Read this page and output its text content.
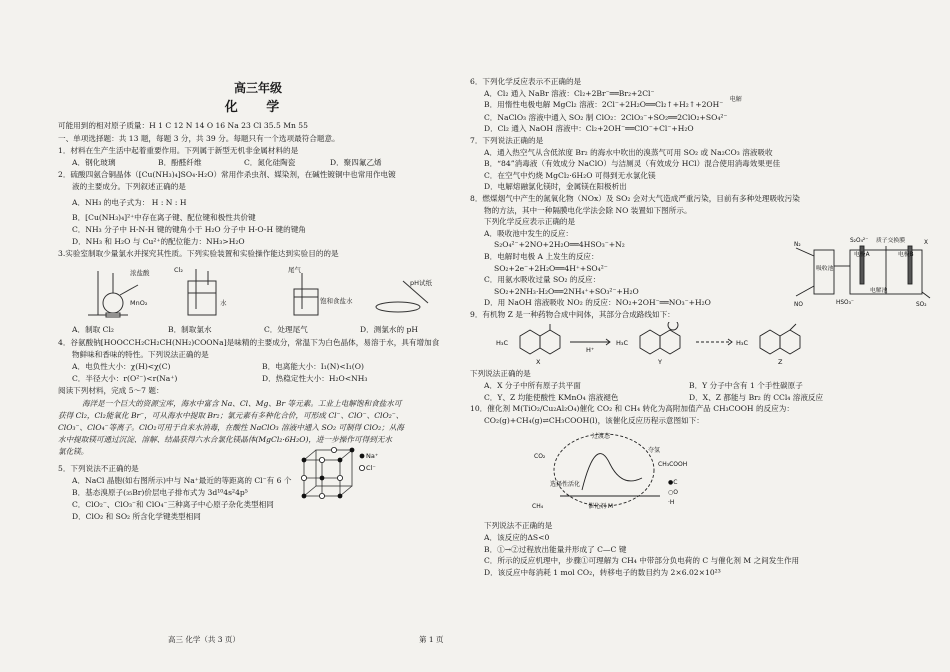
高三年级
化 学
可能用到的相对原子质量：H 1 C 12 N 14 O 16 Na 23 Cl 35.5 Mn 55
一、单项选择题：共 13 题，每题 3 分，共 39 分。每题只有一个选项最符合题意。
1．材料在生产生活中起着重要作用。下列属于新型无机非金属材料的是
A．钢化玻璃	B．酚醛纤维	C．氮化硅陶瓷	D．聚四氟乙烯
2．硫酸四氨合铜晶体（[Cu(NH₃)₄]SO₄·H₂O）常用作杀虫剂、媒染剂，在碱性镀铜中也常用作电镀
液的主要成分。下列叙述正确的是
A．NH₃ 的电子式为： H : N : H
B．[Cu(NH₃)₄]²⁺中存在离子键、配位键和极性共价键
C．NH₃ 分子中 H-N-H 键的键角小于 H₂O 分子中 H-O-H 键的键角
D．NH₃ 和 H₂O 与 Cu²⁺的配位能力：NH₃>H₂O
3.实验室制取少量氯水并探究其性质。下列实验装置和实验操作能达到实验目的的是
浓盐酸
MnO₂
Cl₂
水
尾气
饱和食盐水
pH试纸
A．制取 Cl₂	B．制取氯水	C．处理尾气	D．测氯水的 pH
4．谷氨酸钠[HOOCCH₂CH₂CH(NH₂)COONa]是味精的主要成分，常温下为白色晶体，易溶于水，具有增加食
物鲜味和香味的特性。下列说法正确的是
A．电负性大小：χ(H)<χ(C)	B．电离能大小：I₁(N)<I₁(O)
C．半径大小：r(O²⁻)<r(Na⁺)	D．热稳定性大小：H₂O<NH₃
阅读下列材料，完成 5～7 题：
海洋是一个巨大的资源宝库，海水中富含 Na、Cl、Mg、Br 等元素。工业上电解饱和食盐水可
获得 Cl₂，Cl₂能氧化 Br⁻，可从海水中提取 Br₂；氯元素有多种化合价，可形成 Cl⁻、ClO⁻、ClO₂⁻、
ClO₃⁻、ClO₄⁻等离子。ClO₂可用于自来水消毒，在酸性 NaClO₃ 溶液中通入 SO₂ 可制得 ClO₂；从海
水中提取镁可通过沉淀、溶解、结晶获得六水合氯化镁晶体(MgCl₂·6H₂O)，进一步操作可得到无水
氯化镁。
5．下列说法不正确的是
A．NaCl 晶胞(如右图所示)中与 Na⁺最近的等距离的 Cl⁻有 6 个
B．基态溴原子(₃₅Br)价层电子排布式为 3d¹⁰4s²4p⁵
C．ClO₂⁻、ClO₃⁻和 ClO₄⁻三种离子中心原子杂化类型相同
D．ClO₂ 和 SO₂ 所含化学键类型相同
Na⁺
Cl⁻
高三 化学（共 3 页）	第 1 页
6．下列化学反应表示不正确的是
A．Cl₂ 通入 NaBr 溶液：Cl₂+2Br⁻══Br₂+2Cl⁻
B．用惰性电极电解 MgCl₂ 溶液：2Cl⁻+2H₂O══Cl₂↑+H₂↑+2OH⁻ $^{电解}$
C．NaClO₃ 溶液中通入 SO₂ 制 ClO₂：2ClO₃⁻+SO₂══2ClO₂+SO₄²⁻
D．Cl₂ 通入 NaOH 溶液中：Cl₂+2OH⁻══ClO⁻+Cl⁻+H₂O
7．下列说法正确的是
A．通入热空气从含低浓度 Br₂ 的海水中吹出的溴蒸气可用 SO₂ 或 Na₂CO₃ 溶液吸收
B．“84”消毒液（有效成分 NaClO）与洁厕灵（有效成分 HCl）混合使用消毒效果更佳
C．在空气中灼烧 MgCl₂·6H₂O 可得到无水氯化镁
D．电解熔融氯化镁时，金属镁在阳极析出
8．燃煤烟气中产生的氮氧化物（NOx）及 SO₂ 会对大气造成严重污染，目前有多种处理吸收污染
物的方法，其中一种隔膜电化学法会除 NO 装置如下图所示。
下列化学反应表示正确的是
A．吸收池中发生的反应：
S₂O₄²⁻+2NO+2H₂O══4HSO₃⁻+N₂
B．电解时电极 A 上发生的反应：
SO₂+2e⁻+2H₂O══4H⁺+SO₄²⁻
C．用氨水吸收过量 SO₂ 的反应：
SO₂+2NH₃·H₂O══2NH₄⁺+SO₃²⁻+H₂O
D．用 NaOH 溶液吸收 NO₂ 的反应：NO₂+2OH⁻══NO₃⁻+H₂O
9．有机物 Z 是一种药物合成中间体，其部分合成路线如下：
H₃C	H₃C	H₃C
H⁺
X	Y	Z
下列说法正确的是
A．X 分子中所有原子共平面	B．Y 分子中含有 1 个手性碳原子
C．Y、Z 均能使酸性 KMnO₄ 溶液褪色	D．X、Z 都能与 Br₂ 的 CCl₄ 溶液反应
10．催化剂 M(TiO₂/Cu₂Al₂O₄)催化 CO₂ 和 CH₄ 转化为高附加值产品 CH₃COOH 的反应为：
CO₂(g)+CH₄(g)⇌CH₃COOH(l)，该催化反应历程示意图如下：
下列说法不正确的是
A．该反应的ΔS<0
B．①→②过程放出能量并形成了 C—C 键
C．所示的反应机理中，步骤①可理解为 CH₄ 中带部分负电荷的 C 与催化剂 M 之间发生作用
D．该反应中每消耗 1 mol CO₂，转移电子的数目约为 2×6.02×10²³
S₂O₄²⁻ 质子交换膜
电极A	电极B
吸收池
N₂
NO	HSO₃⁻
电解池
SO₂
X
过渡态
选择性活化
催化剂 M
CO₂
CH₄
CH₃COOH
夺氢
●C
○O
·H
